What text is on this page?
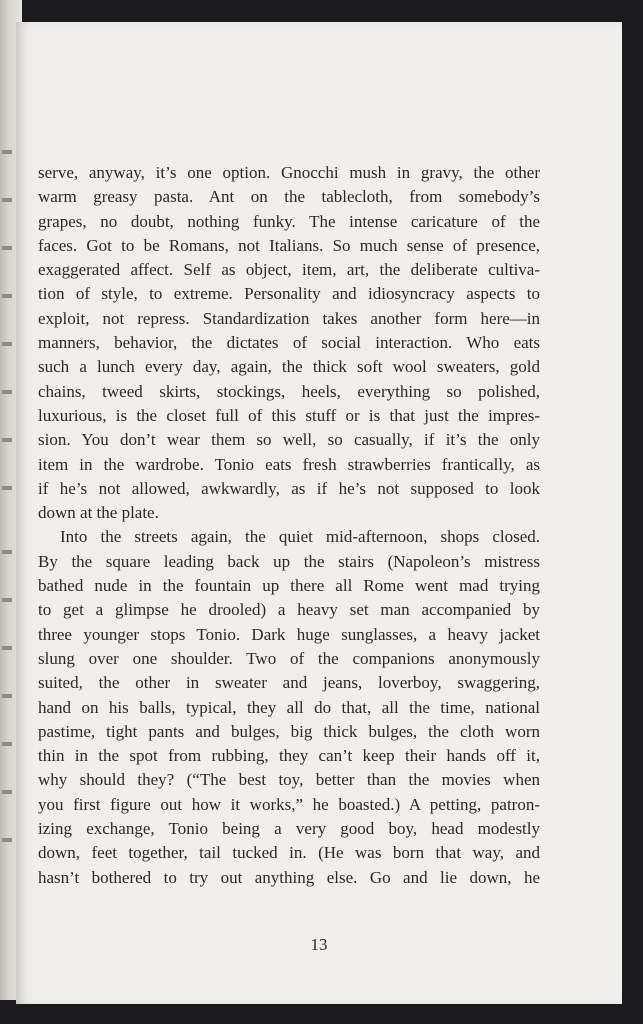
serve, anyway, it’s one option. Gnocchi mush in gravy, the other
warm greasy pasta. Ant on the tablecloth, from somebody’s
grapes, no doubt, nothing funky. The intense caricature of the
faces. Got to be Romans, not Italians. So much sense of presence,
exaggerated affect. Self as object, item, art, the deliberate cultiva-
tion of style, to extreme. Personality and idiosyncracy aspects to
exploit, not repress. Standardization takes another form here—in
manners, behavior, the dictates of social interaction. Who eats
such a lunch every day, again, the thick soft wool sweaters, gold
chains, tweed skirts, stockings, heels, everything so polished,
luxurious, is the closet full of this stuff or is that just the impres-
sion. You don’t wear them so well, so casually, if it’s the only
item in the wardrobe. Tonio eats fresh strawberries frantically, as
if he’s not allowed, awkwardly, as if he’s not supposed to look
down at the plate.
Into the streets again, the quiet mid-afternoon, shops closed.
By the square leading back up the stairs (Napoleon’s mistress
bathed nude in the fountain up there all Rome went mad trying
to get a glimpse he drooled) a heavy set man accompanied by
three younger stops Tonio. Dark huge sunglasses, a heavy jacket
slung over one shoulder. Two of the companions anonymously
suited, the other in sweater and jeans, loverboy, swaggering,
hand on his balls, typical, they all do that, all the time, national
pastime, tight pants and bulges, big thick bulges, the cloth worn
thin in the spot from rubbing, they can’t keep their hands off it,
why should they? (“The best toy, better than the movies when
you first figure out how it works,” he boasted.) A petting, patron-
izing exchange, Tonio being a very good boy, head modestly
down, feet together, tail tucked in. (He was born that way, and
hasn’t bothered to try out anything else. Go and lie down, he
13
